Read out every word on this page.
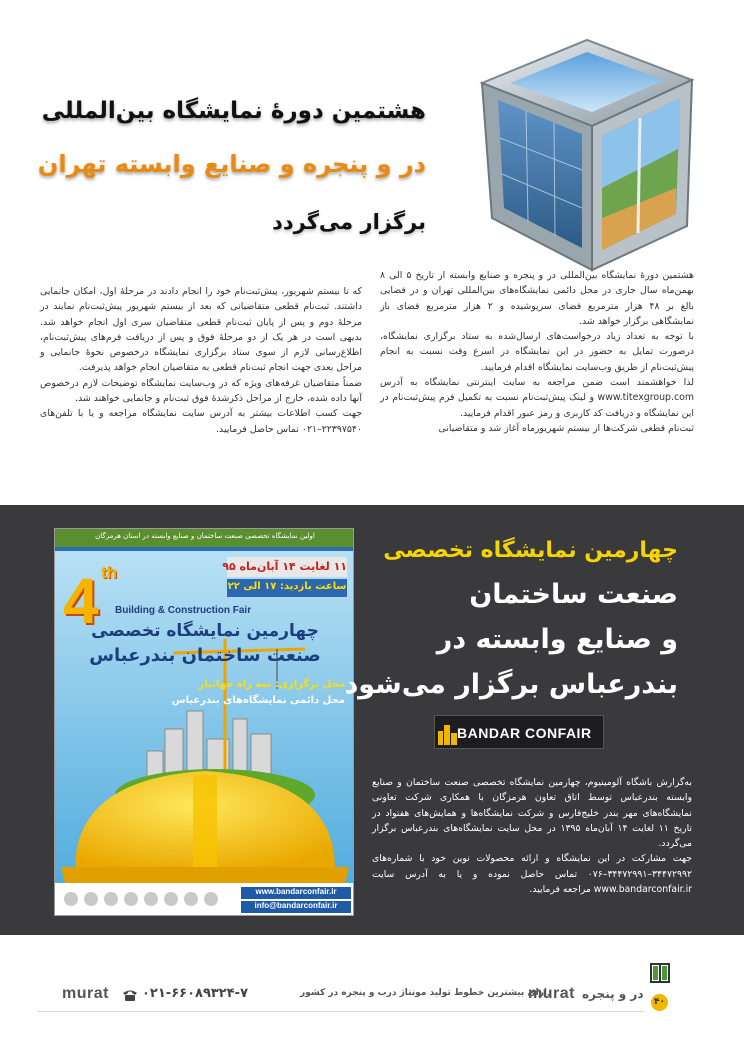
هشتمین دورهٔ نمایشگاه بین‌المللی
در و پنجره و صنایع وابسته تهران
برگزار می‌گردد

هشتمین دورهٔ نمایشگاه بین‌المللی در و پنجره و صنایع وابسته از تاریخ ۵ الی ۸ بهمن‌ماه سال جاری در محل دائمی نمایشگاه‌های بین‌المللی تهران و در فضایی بالغ بر ۴۸ هزار مترمربع فضای سرپوشیده و ۲ هزار مترمربع فضای باز نمایشگاهی برگزار خواهد شد.

با توجه به تعداد زیاد درخواست‌های ارسال‌شده به ستاد برگزاری نمایشگاه، درصورت تمایل به حضور در این نمایشگاه در اسرع وقت نسبت به انجام پیش‌ثبت‌نام از طریق وب‌سایت نمایشگاه اقدام فرمایید.

لذا خواهشمند است ضمن مراجعه به سایت اینترنتی نمایشگاه به آدرس www.titexgroup.com و لینک پیش‌ثبت‌نام نسبت به تکمیل فرم پیش‌ثبت‌نام در این نمایشگاه و دریافت کد کاربری و رمز عبور اقدام فرمایید.

ثبت‌نام قطعی شرکت‌ها از بیستم شهریورماه آغاز شد و متقاضیانی

که تا بیستم شهریور، پیش‌ثبت‌نام خود را انجام دادند در مرحلهٔ اول، امکان جانمایی داشتند. ثبت‌نام قطعی متقاضیانی که بعد از بیستم شهریور پیش‌ثبت‌نام نمایند در مرحلهٔ دوم و پس از پایان ثبت‌نام قطعی متقاضیان سری اول انجام خواهد شد. بدیهی است در هر یک از دو مرحلهٔ فوق و پس از دریافت فرم‌های پیش‌ثبت‌نام، اطلاع‌رسانی لازم از سوی ستاد برگزاری نمایشگاه درخصوص نحوهٔ جانمایی و مراحل بعدی جهت انجام ثبت‌نام قطعی به متقاضیان انجام خواهد پذیرفت.

ضمناً متقاضیان غرفه‌های ویژه که در وب‌سایت نمایشگاه توضیحات لازم درخصوص آنها داده شده، خارج از مراحل ذکرشدهٔ فوق ثبت‌نام و جانمایی خواهند شد.

جهت کسب اطلاعات بیشتر به آدرس سایت نمایشگاه مراجعه و یا با تلفن‌های ۲۲۳۹۷۵۴۰–۰۲۱ تماس حاصل فرمایید.

اولین نمایشگاه تخصصی صنعت ساختمان و صنایع وابسته در استان هرمزگان
۱۱ لغایت ۱۴ آبان‌ماه ۹۵
ساعت بازدید: ۱۷ الی ۲۲
4 th
Building & Construction Fair
چهارمین نمایشگاه تخصصی
صنعت ساختمان بندرعباس
محل برگزاری: سه راه جهانبار
محل دائمی نمایشگاه‌های بندرعباس
www.bandarconfair.ir
info@bandarconfair.ir
چهارمین نمایشگاه تخصصی
صنعت ساختمان
و صنایع وابسته در
بندرعباس برگزار می‌شود
BANDAR CONFAIR

به‌گزارش باشگاه آلومینیوم، چهارمین نمایشگاه تخصصی صنعت ساختمان و صنایع وابسته بندرعباس توسط اتاق تعاون هرمزگان با همکاری شرکت تعاونی نمایشگاه‌های مهر بندر خلیج‌فارس و شرکت نمایشگاه‌ها و همایش‌های هفتواد در تاریخ ۱۱ لغایت ۱۴ آبان‌ماه ۱۳۹۵ در محل سایت نمایشگاه‌های بندرعباس برگزار می‌گردد.

جهت مشارکت در این نمایشگاه و ارائه محصولات نوین خود با شماره‌های ۳۴۴۷۲۹۹۲–۳۴۴۷۲۹۹۱–۰۷۶ تماس حاصل نموده و یا به آدرس سایت www.bandarconfair.ir مراجعه فرمایید.

murat	۰۲۱-۶۶۰۸۹۳۲۴-۷	دارای بیشترین خطوط تولید مونتاژ درب و پنجره در کشور
murat در و پنجره
۴۰
